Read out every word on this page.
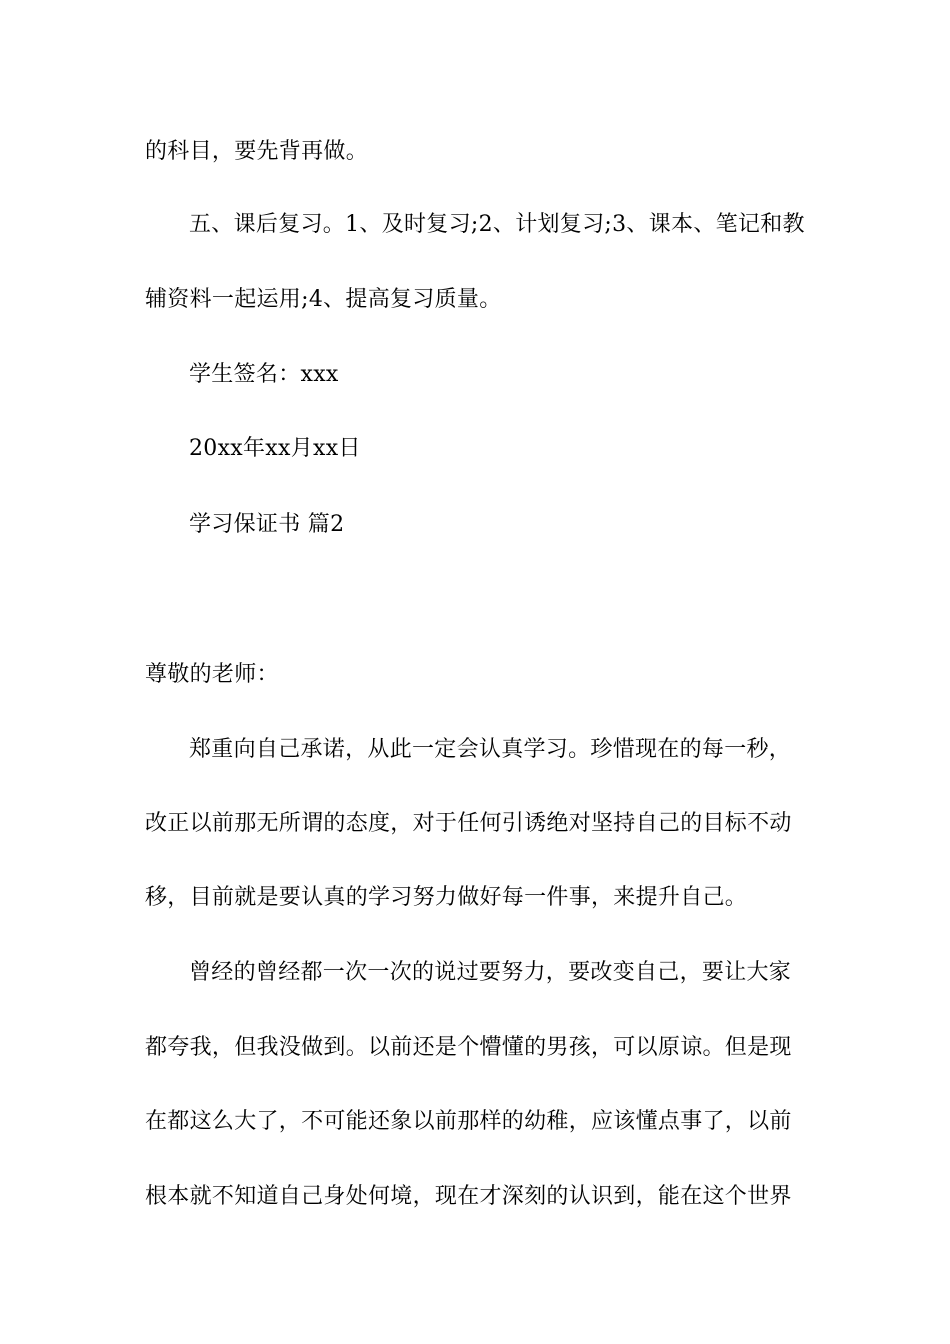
的科目，要先背再做。
五、课后复习。1、及时复习;2、计划复习;3、课本、笔记和教
辅资料一起运用;4、提高复习质量。
学生签名：xxx
20xx年xx月xx日
学习保证书 篇2
尊敬的老师：
郑重向自己承诺，从此一定会认真学习。珍惜现在的每一秒，
改正以前那无所谓的态度，对于任何引诱绝对坚持自己的目标不动
移，目前就是要认真的学习努力做好每一件事，来提升自己。
曾经的曾经都一次一次的说过要努力，要改变自己，要让大家
都夸我，但我没做到。以前还是个懵懂的男孩，可以原谅。但是现
在都这么大了，不可能还象以前那样的幼稚，应该懂点事了，以前
根本就不知道自己身处何境，现在才深刻的认识到，能在这个世界
